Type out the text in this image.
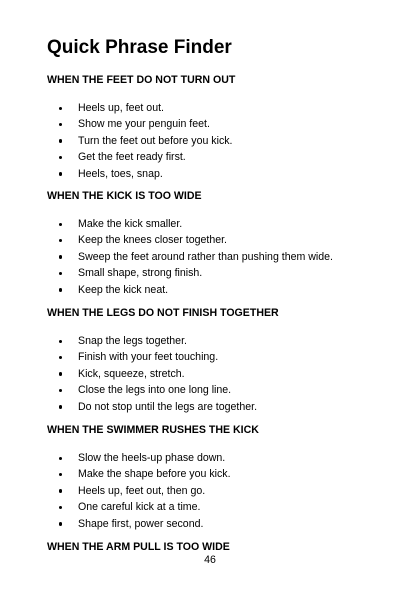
Quick Phrase Finder
WHEN THE FEET DO NOT TURN OUT
Heels up, feet out.
Show me your penguin feet.
Turn the feet out before you kick.
Get the feet ready first.
Heels, toes, snap.
WHEN THE KICK IS TOO WIDE
Make the kick smaller.
Keep the knees closer together.
Sweep the feet around rather than pushing them wide.
Small shape, strong finish.
Keep the kick neat.
WHEN THE LEGS DO NOT FINISH TOGETHER
Snap the legs together.
Finish with your feet touching.
Kick, squeeze, stretch.
Close the legs into one long line.
Do not stop until the legs are together.
WHEN THE SWIMMER RUSHES THE KICK
Slow the heels-up phase down.
Make the shape before you kick.
Heels up, feet out, then go.
One careful kick at a time.
Shape first, power second.
WHEN THE ARM PULL IS TOO WIDE
46
